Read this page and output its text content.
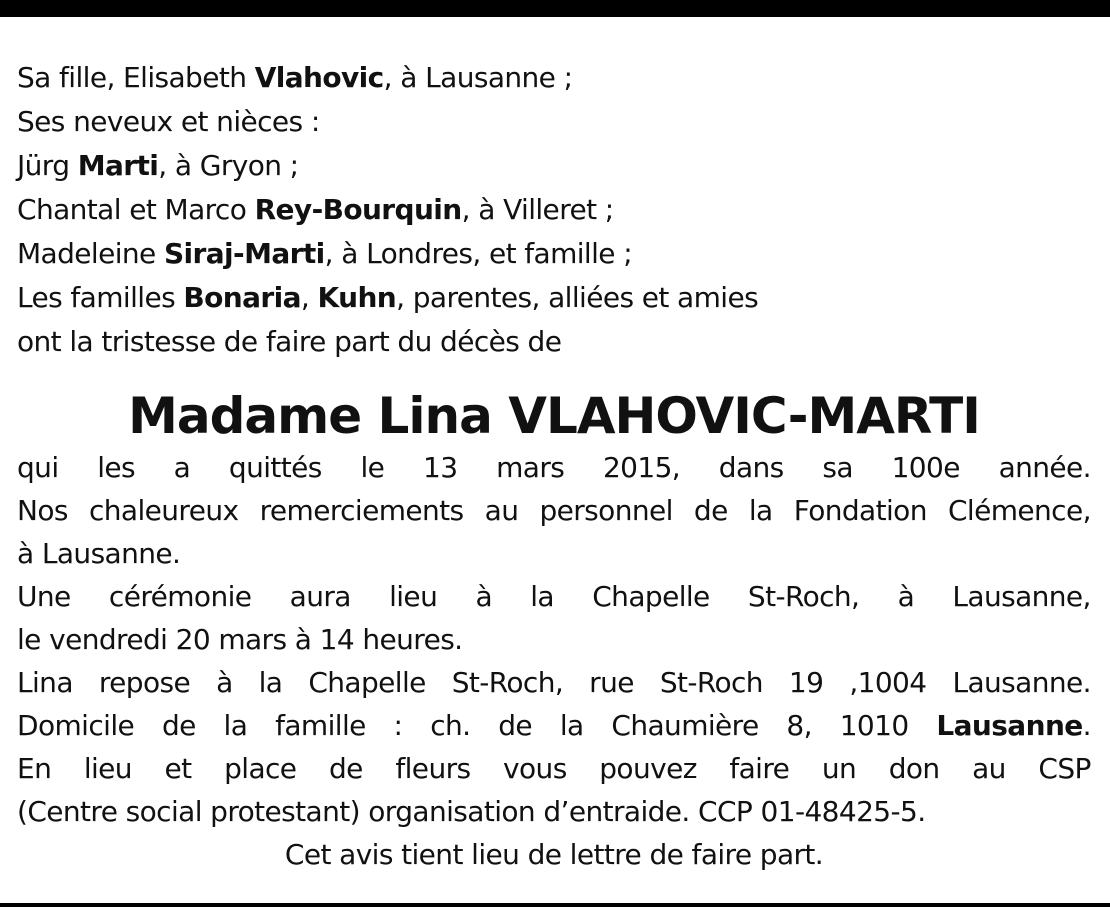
Sa fille, Elisabeth Vlahovic, à Lausanne ;
Ses neveux et nièces :
Jürg Marti, à Gryon ;
Chantal et Marco Rey-Bourquin, à Villeret ;
Madeleine Siraj-Marti, à Londres, et famille ;
Les familles Bonaria, Kuhn, parentes, alliées et amies
ont la tristesse de faire part du décès de
Madame Lina VLAHOVIC-MARTI
qui les a quittés le 13 mars 2015, dans sa 100e année.
Nos chaleureux remerciements au personnel de la Fondation Clémence,
à Lausanne.
Une cérémonie aura lieu à la Chapelle St-Roch, à Lausanne,
le vendredi 20 mars à 14 heures.
Lina repose à la Chapelle St-Roch, rue St-Roch 19 ,1004 Lausanne.
Domicile de la famille : ch. de la Chaumière 8, 1010 Lausanne.
En lieu et place de fleurs vous pouvez faire un don au CSP
(Centre social protestant) organisation d’entraide. CCP 01-48425-5.
Cet avis tient lieu de lettre de faire part.
